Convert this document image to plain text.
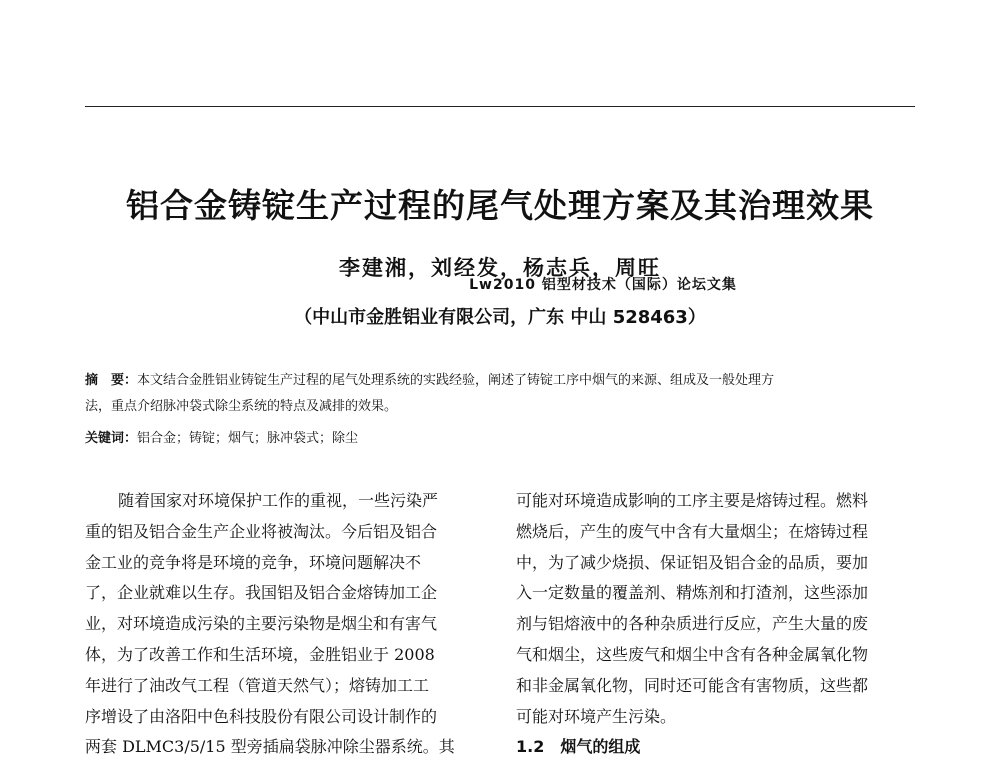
Lw2010 铝型材技术（国际）论坛文集
铝合金铸锭生产过程的尾气处理方案及其治理效果
李建湘，刘经发，杨志兵，周旺
（中山市金胜铝业有限公司，广东 中山 528463）
摘　要：本文结合金胜铝业铸锭生产过程的尾气处理系统的实践经验，阐述了铸锭工序中烟气的来源、组成及一般处理方
法，重点介绍脉冲袋式除尘系统的特点及减排的效果。
关键词：铝合金；铸锭；烟气；脉冲袋式；除尘
随着国家对环境保护工作的重视，一些污染严
重的铝及铝合金生产企业将被淘汰。今后铝及铝合
金工业的竞争将是环境的竞争，环境问题解决不
了，企业就难以生存。我国铝及铝合金熔铸加工企
业，对环境造成污染的主要污染物是烟尘和有害气
体，为了改善工作和生活环境，金胜铝业于 2008
年进行了油改气工程（管道天然气）；熔铸加工工
序增设了由洛阳中色科技股份有限公司设计制作的
两套 DLMC3/5/15 型旁插扁袋脉冲除尘器系统。其
可能对环境造成影响的工序主要是熔铸过程。燃料
燃烧后，产生的废气中含有大量烟尘；在熔铸过程
中，为了减少烧损、保证铝及铝合金的品质，要加
入一定数量的覆盖剂、精炼剂和打渣剂，这些添加
剂与铝熔液中的各种杂质进行反应，产生大量的废
气和烟尘，这些废气和烟尘中含有各种金属氧化物
和非金属氧化物，同时还可能含有害物质，这些都
可能对环境产生污染。
1.2　烟气的组成
